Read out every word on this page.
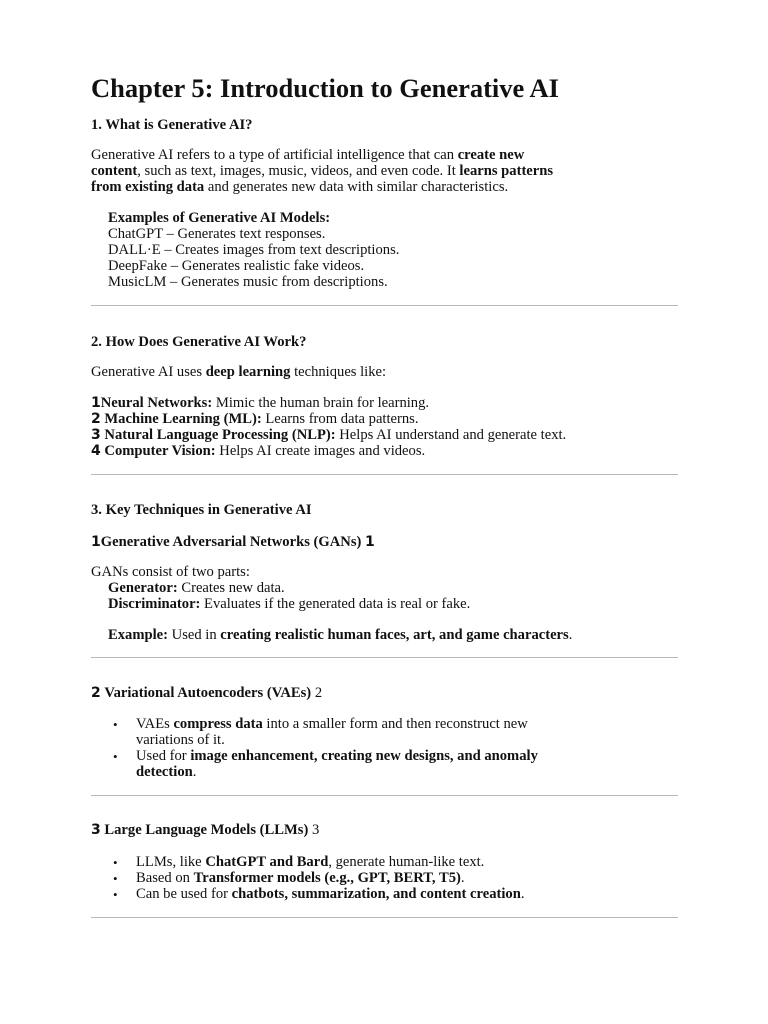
Chapter 5: Introduction to Generative AI
1. What is Generative AI?
Generative AI refers to a type of artificial intelligence that can create new
content, such as text, images, music, videos, and even code. It learns patterns
from existing data and generates new data with similar characteristics.
Examples of Generative AI Models:
ChatGPT – Generates text responses.
DALL·E – Creates images from text descriptions.
DeepFake – Generates realistic fake videos.
MusicLM – Generates music from descriptions.
2. How Does Generative AI Work?
Generative AI uses deep learning techniques like:
1Neural Networks: Mimic the human brain for learning.
2 Machine Learning (ML): Learns from data patterns.
3 Natural Language Processing (NLP): Helps AI understand and generate text.
4 Computer Vision: Helps AI create images and videos.
3. Key Techniques in Generative AI
1Generative Adversarial Networks (GANs) 1
GANs consist of two parts:
Generator: Creates new data.
Discriminator: Evaluates if the generated data is real or fake.
Example: Used in creating realistic human faces, art, and game characters.
2 Variational Autoencoders (VAEs) 2
• VAEs compress data into a smaller form and then reconstruct new
variations of it.
• Used for image enhancement, creating new designs, and anomaly
detection.
3 Large Language Models (LLMs) 3
• LLMs, like ChatGPT and Bard, generate human-like text.
• Based on Transformer models (e.g., GPT, BERT, T5).
• Can be used for chatbots, summarization, and content creation.
